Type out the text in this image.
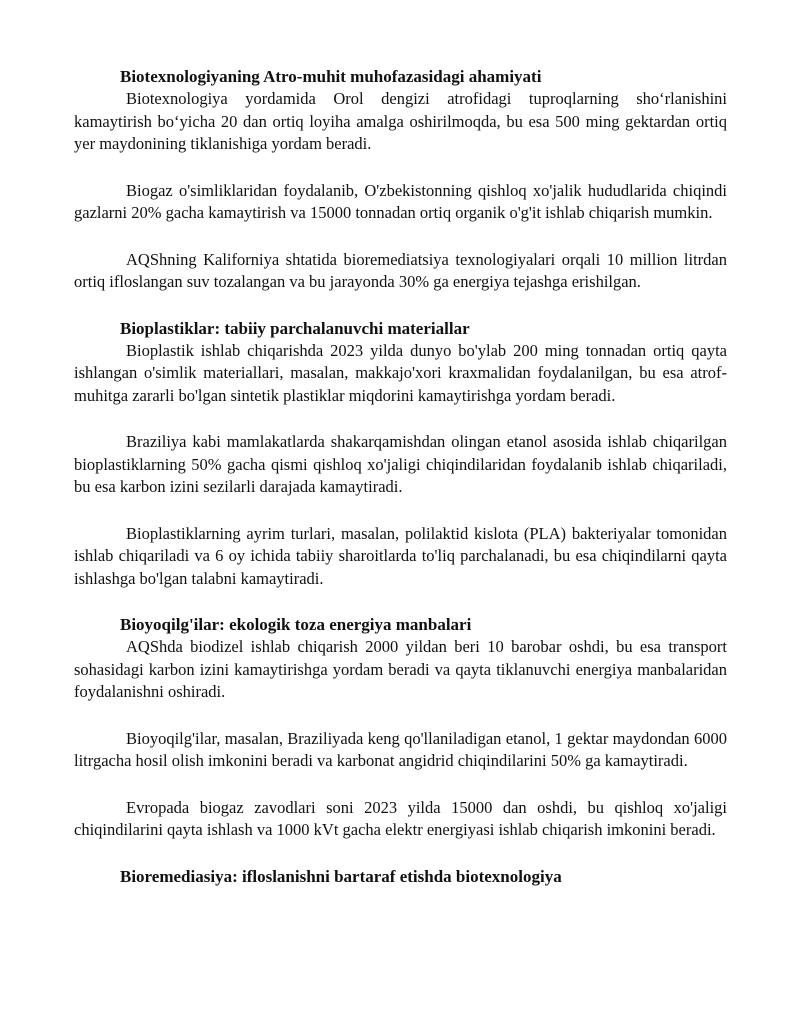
Biotexnologiyaning Atro-muhit muhofazasidagi ahamiyati

Biotexnologiya yordamida Orol dengizi atrofidagi tuproqlarning sho‘rlanishini kamaytirish bo‘yicha 20 dan ortiq loyiha amalga oshirilmoqda, bu esa 500 ming gektardan ortiq yer maydonining tiklanishiga yordam beradi.

Biogaz o'simliklaridan foydalanib, O'zbekistonning qishloq xo'jalik hududlarida chiqindi gazlarni 20% gacha kamaytirish va 15000 tonnadan ortiq organik o'g'it ishlab chiqarish mumkin.

AQShning Kaliforniya shtatida bioremediatsiya texnologiyalari orqali 10 million litrdan ortiq ifloslangan suv tozalangan va bu jarayonda 30% ga energiya tejashga erishilgan.

Bioplastiklar: tabiiy parchalanuvchi materiallar

Bioplastik ishlab chiqarishda 2023 yilda dunyo bo'ylab 200 ming tonnadan ortiq qayta ishlangan o'simlik materiallari, masalan, makkajo'xori kraxmalidan foydalanilgan, bu esa atrof-muhitga zararli bo'lgan sintetik plastiklar miqdorini kamaytirishga yordam beradi.

Braziliya kabi mamlakatlarda shakarqamishdan olingan etanol asosida ishlab chiqarilgan bioplastiklarning 50% gacha qismi qishloq xo'jaligi chiqindilaridan foydalanib ishlab chiqariladi, bu esa karbon izini sezilarli darajada kamaytiradi.

Bioplastiklarning ayrim turlari, masalan, polilaktid kislota (PLA) bakteriyalar tomonidan ishlab chiqariladi va 6 oy ichida tabiiy sharoitlarda to'liq parchalanadi, bu esa chiqindilarni qayta ishlashga bo'lgan talabni kamaytiradi.

Bioyoqilg'ilar: ekologik toza energiya manbalari

AQShda biodizel ishlab chiqarish 2000 yildan beri 10 barobar oshdi, bu esa transport sohasidagi karbon izini kamaytirishga yordam beradi va qayta tiklanuvchi energiya manbalaridan foydalanishni oshiradi.

Bioyoqilg'ilar, masalan, Braziliyada keng qo'llaniladigan etanol, 1 gektar maydondan 6000 litrgacha hosil olish imkonini beradi va karbonat angidrid chiqindilarini 50% ga kamaytiradi.

Evropada biogaz zavodlari soni 2023 yilda 15000 dan oshdi, bu qishloq xo'jaligi chiqindilarini qayta ishlash va 1000 kVt gacha elektr energiyasi ishlab chiqarish imkonini beradi.

Bioremediasiya: ifloslanishni bartaraf etishda biotexnologiya
